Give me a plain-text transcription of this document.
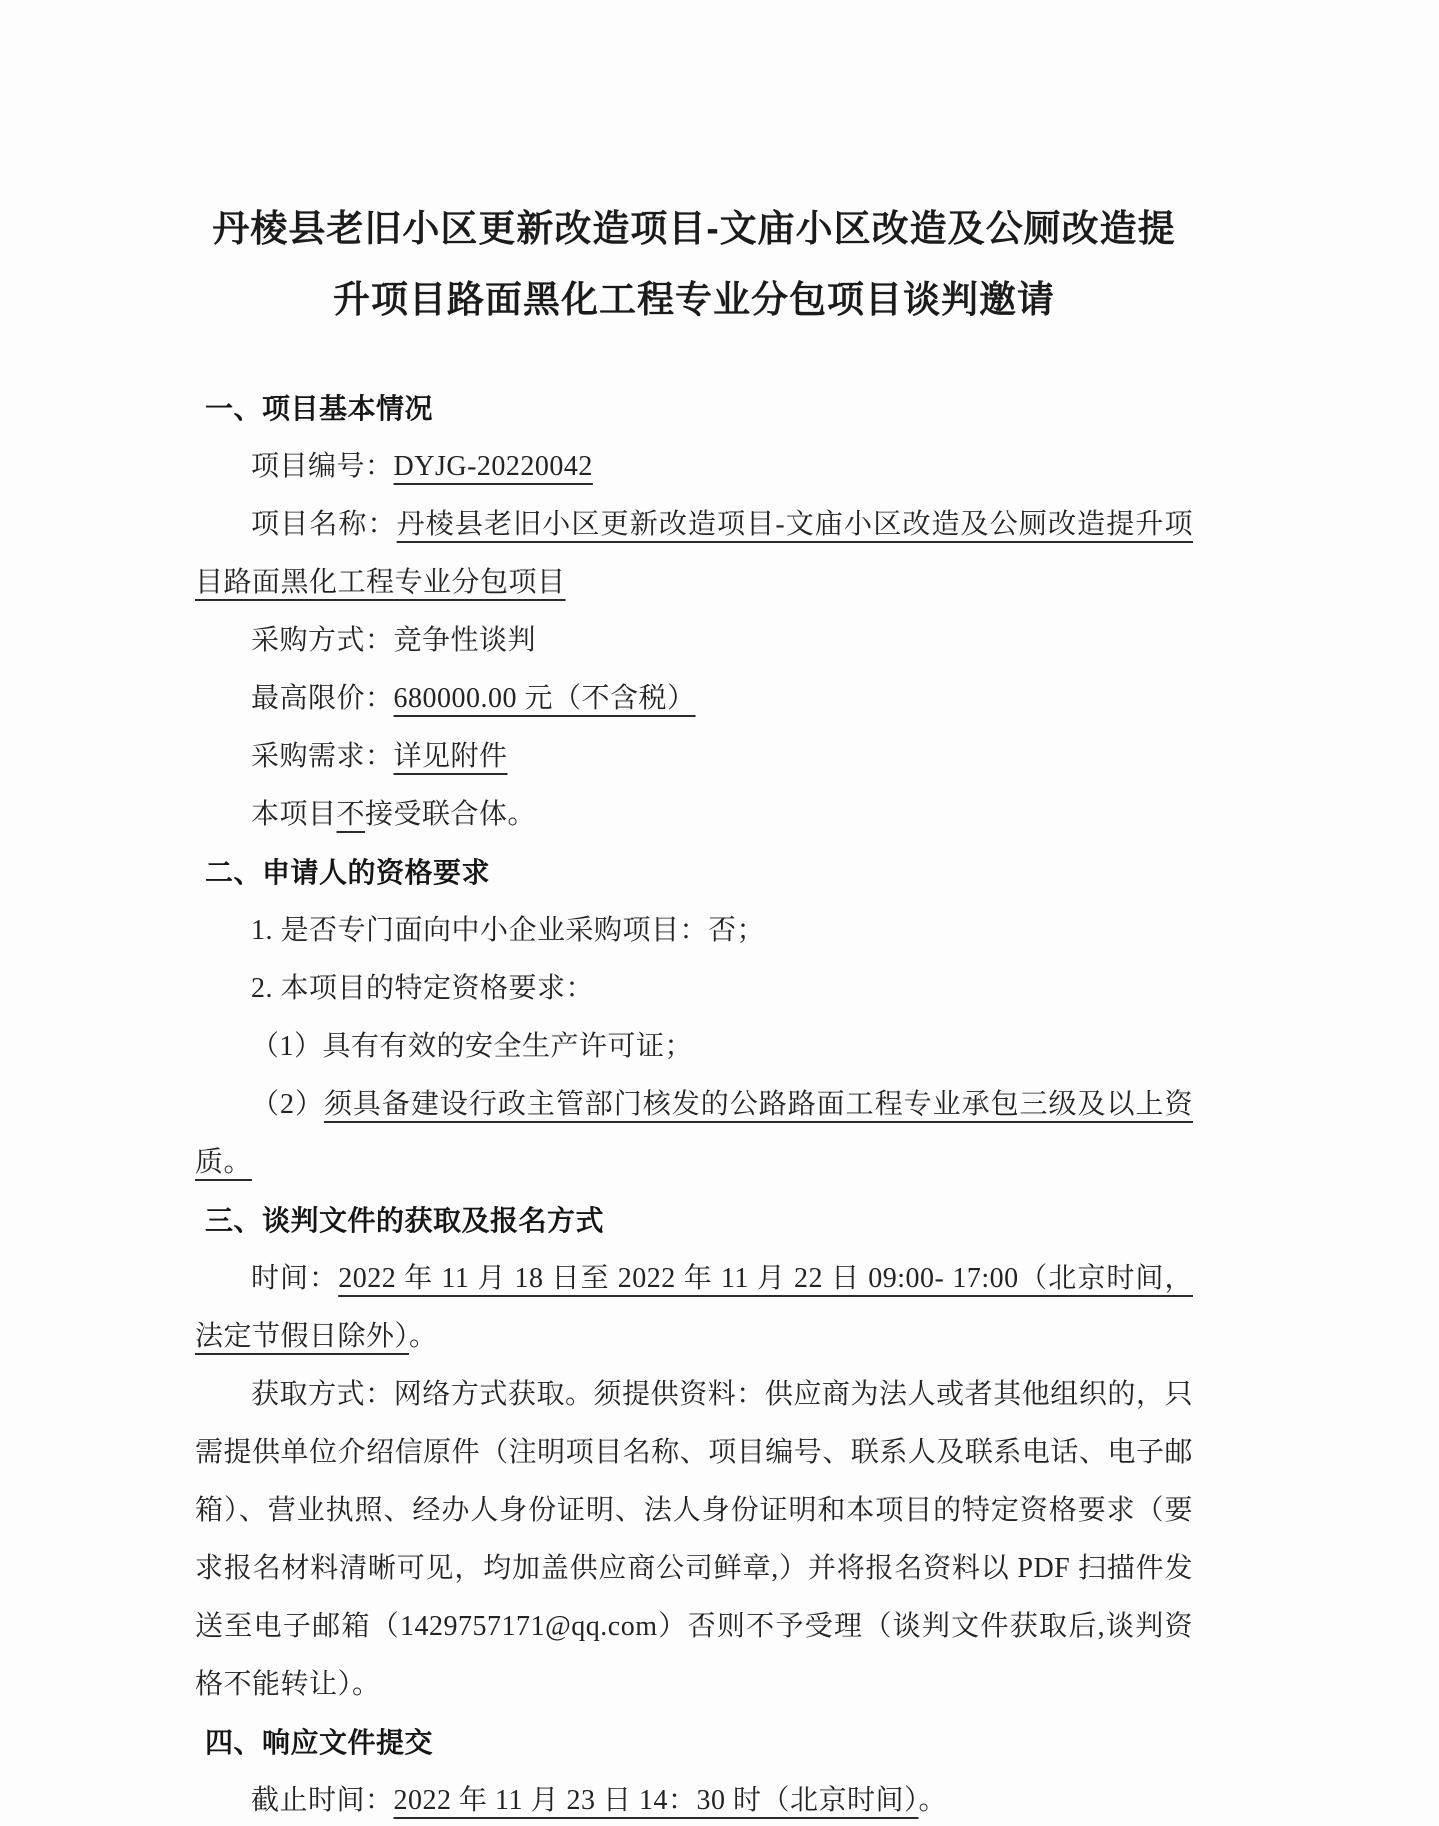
丹棱县老旧小区更新改造项目-文庙小区改造及公厕改造提
升项目路面黑化工程专业分包项目谈判邀请

一、项目基本情况

项目编号：DYJG-20220042

项目名称：丹棱县老旧小区更新改造项目-文庙小区改造及公厕改造提升项目路面黑化工程专业分包项目

采购方式：竞争性谈判

最高限价：680000.00 元（不含税）

采购需求：详见附件

本项目不接受联合体。

二、申请人的资格要求

1. 是否专门面向中小企业采购项目：否；

2. 本项目的特定资格要求：

（1）具有有效的安全生产许可证；

（2）须具备建设行政主管部门核发的公路路面工程专业承包三级及以上资质。

三、谈判文件的获取及报名方式

时间：2022 年 11 月 18 日至 2022 年 11 月 22 日 09:00- 17:00（北京时间，法定节假日除外）。

获取方式：网络方式获取。须提供资料：供应商为法人或者其他组织的，只需提供单位介绍信原件（注明项目名称、项目编号、联系人及联系电话、电子邮箱）、营业执照、经办人身份证明、法人身份证明和本项目的特定资格要求（要求报名材料清晰可见，均加盖供应商公司鲜章,）并将报名资料以 PDF 扫描件发送至电子邮箱（1429757171@qq.com）否则不予受理（谈判文件获取后,谈判资格不能转让）。

四、响应文件提交

截止时间：2022 年 11 月 23 日 14：30 时（北京时间）。
